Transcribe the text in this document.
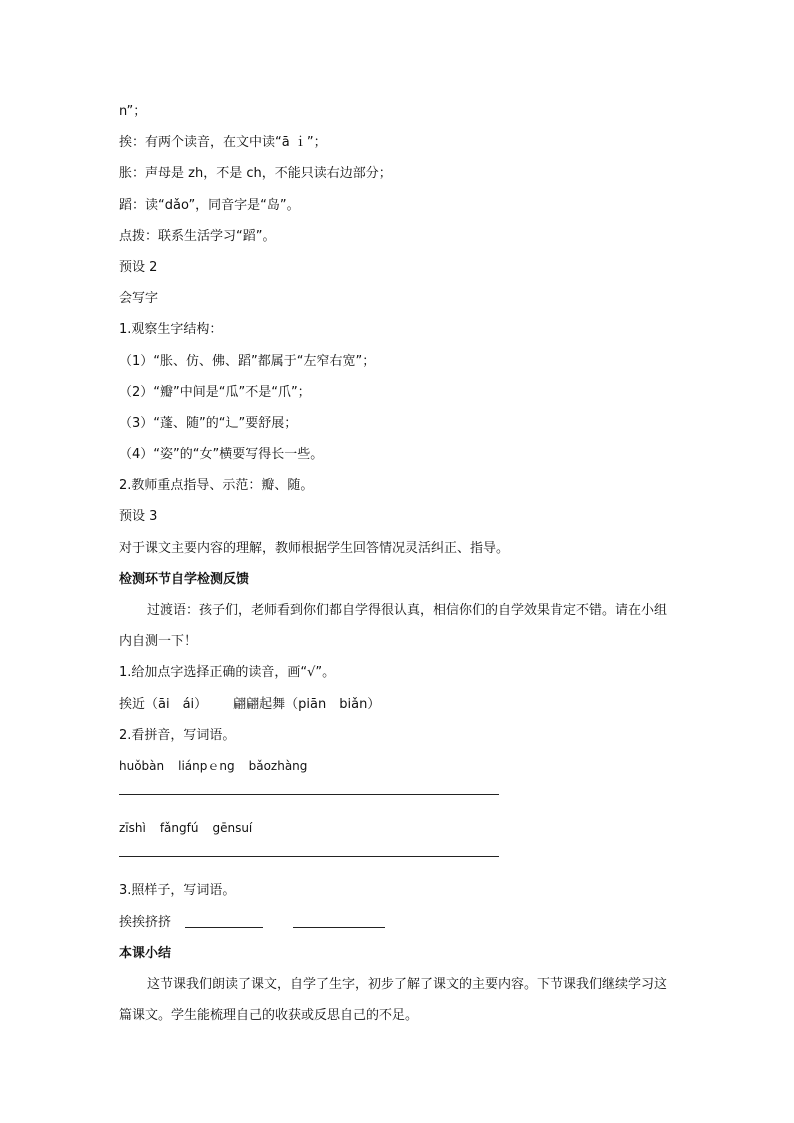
n”；
挨：有两个读音，在文中读“ā ｉ”；
胀：声母是 zh，不是 ch，不能只读右边部分；
蹈：读“dǎo”，同音字是“岛”。
点拨：联系生活学习“蹈”。
预设 2
会写字
1.观察生字结构：
（1）“胀、仿、佛、蹈”都属于“左窄右宽”；
（2）“瓣”中间是“瓜”不是“爪”；
（3）“蓬、随”的“辶”要舒展；
（4）“姿”的“女”横要写得长一些。
2.教师重点指导、示范：瓣、随。
预设 3
对于课文主要内容的理解，教师根据学生回答情况灵活纠正、指导。
检测环节自学检测反馈
过渡语：孩子们，老师看到你们都自学得很认真，相信你们的自学效果肯定不错。请在小组内自测一下！
1.给加点字选择正确的读音，画“√”。
挨近（āi　ái） 翩翩起舞（piān　biǎn）
2.看拼音，写词语。
huǒbàn liánpｅng bǎozhàng
zīshì fǎngfú gēnsuí
3.照样子，写词语。
挨挨挤挤
本课小结
这节课我们朗读了课文，自学了生字，初步了解了课文的主要内容。下节课我们继续学习这篇课文。学生能梳理自己的收获或反思自己的不足。
